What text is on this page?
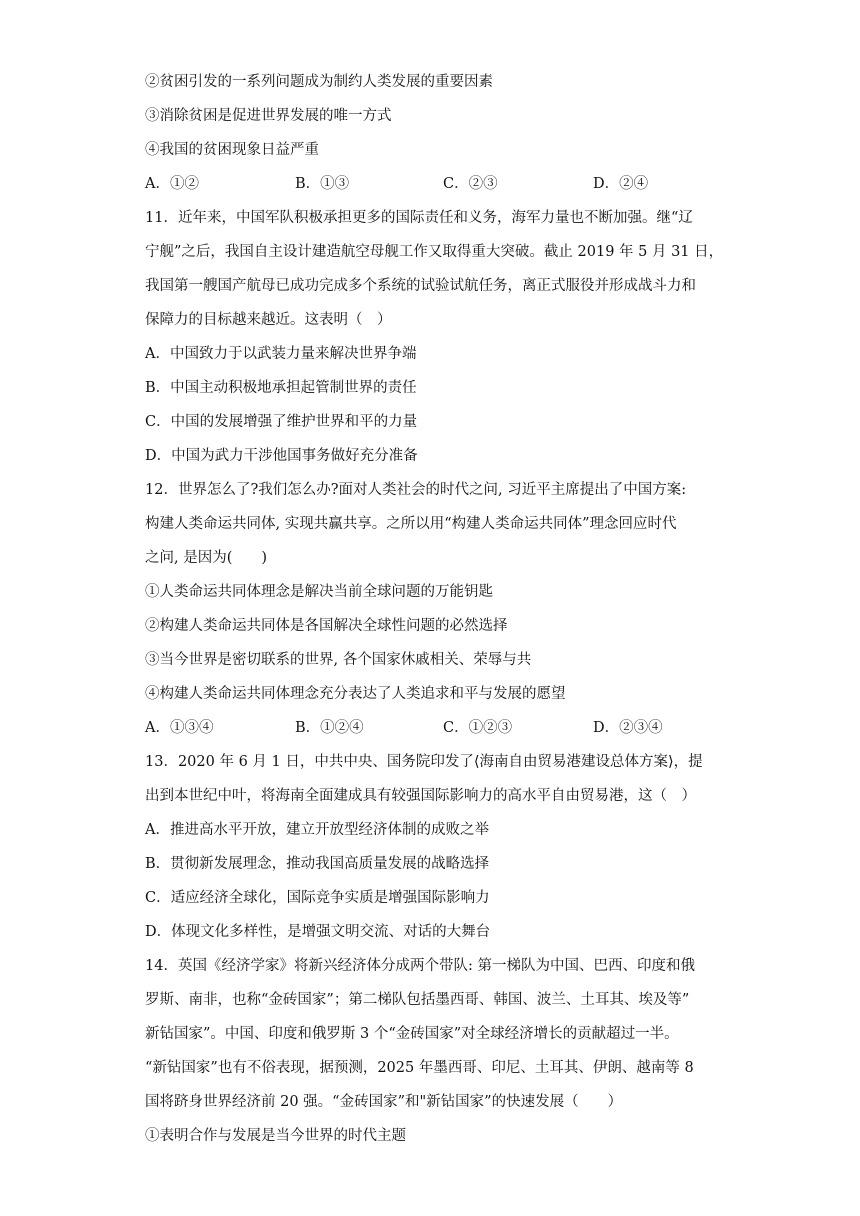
②贫困引发的一系列问题成为制约人类发展的重要因素
③消除贫困是促进世界发展的唯一方式
④我国的贫困现象日益严重
A．①②	B．①③	C．②③	D．②④
11．近年来，中国军队积极承担更多的国际责任和义务，海军力量也不断加强。继“辽
宁舰”之后，我国自主设计建造航空母舰工作又取得重大突破。截止 2019 年 5 月 31 日，
我国第一艘国产航母已成功完成多个系统的试验试航任务，离正式服役并形成战斗力和
保障力的目标越来越近。这表明（　）
A．中国致力于以武装力量来解决世界争端
B．中国主动积极地承担起管制世界的责任
C．中国的发展增强了维护世界和平的力量
D．中国为武力干涉他国事务做好充分准备
12．世界怎么了?我们怎么办?面对人类社会的时代之问, 习近平主席提出了中国方案:
构建人类命运共同体, 实现共赢共享。之所以用“构建人类命运共同体”理念回应时代
之问, 是因为(　　)
①人类命运共同体理念是解决当前全球问题的万能钥匙
②构建人类命运共同体是各国解决全球性问题的必然选择
③当今世界是密切联系的世界, 各个国家休戚相关、荣辱与共
④构建人类命运共同体理念充分表达了人类追求和平与发展的愿望
A．①③④	B．①②④	C．①②③	D．②③④
13．2020 年 6 月 1 日，中共中央、国务院印发了⟨海南自由贸易港建设总体方案⟩，提
出到本世纪中叶，将海南全面建成具有较强国际影响力的高水平自由贸易港，这（　）
A．推进高水平开放，建立开放型经济体制的成败之举
B．贯彻新发展理念，推动我国高质量发展的战略选择
C．适应经济全球化，国际竞争实质是增强国际影响力
D．体现文化多样性，是增强文明交流、对话的大舞台
14．英国《经济学家》将新兴经济体分成两个带队: 第一梯队为中国、巴西、印度和俄
罗斯、南非，也称“金砖国家”；第二梯队包括墨西哥、韩国、波兰、土耳其、埃及等”
新钻国家”。中国、印度和俄罗斯 3 个“金砖国家”对全球经济增长的贡献超过一半。
“新钻国家”也有不俗表现，据预测，2025 年墨西哥、印尼、土耳其、伊朗、越南等 8
国将跻身世界经济前 20 强。“金砖国家”和"新钻国家”的快速发展（　　）
①表明合作与发展是当今世界的时代主题
